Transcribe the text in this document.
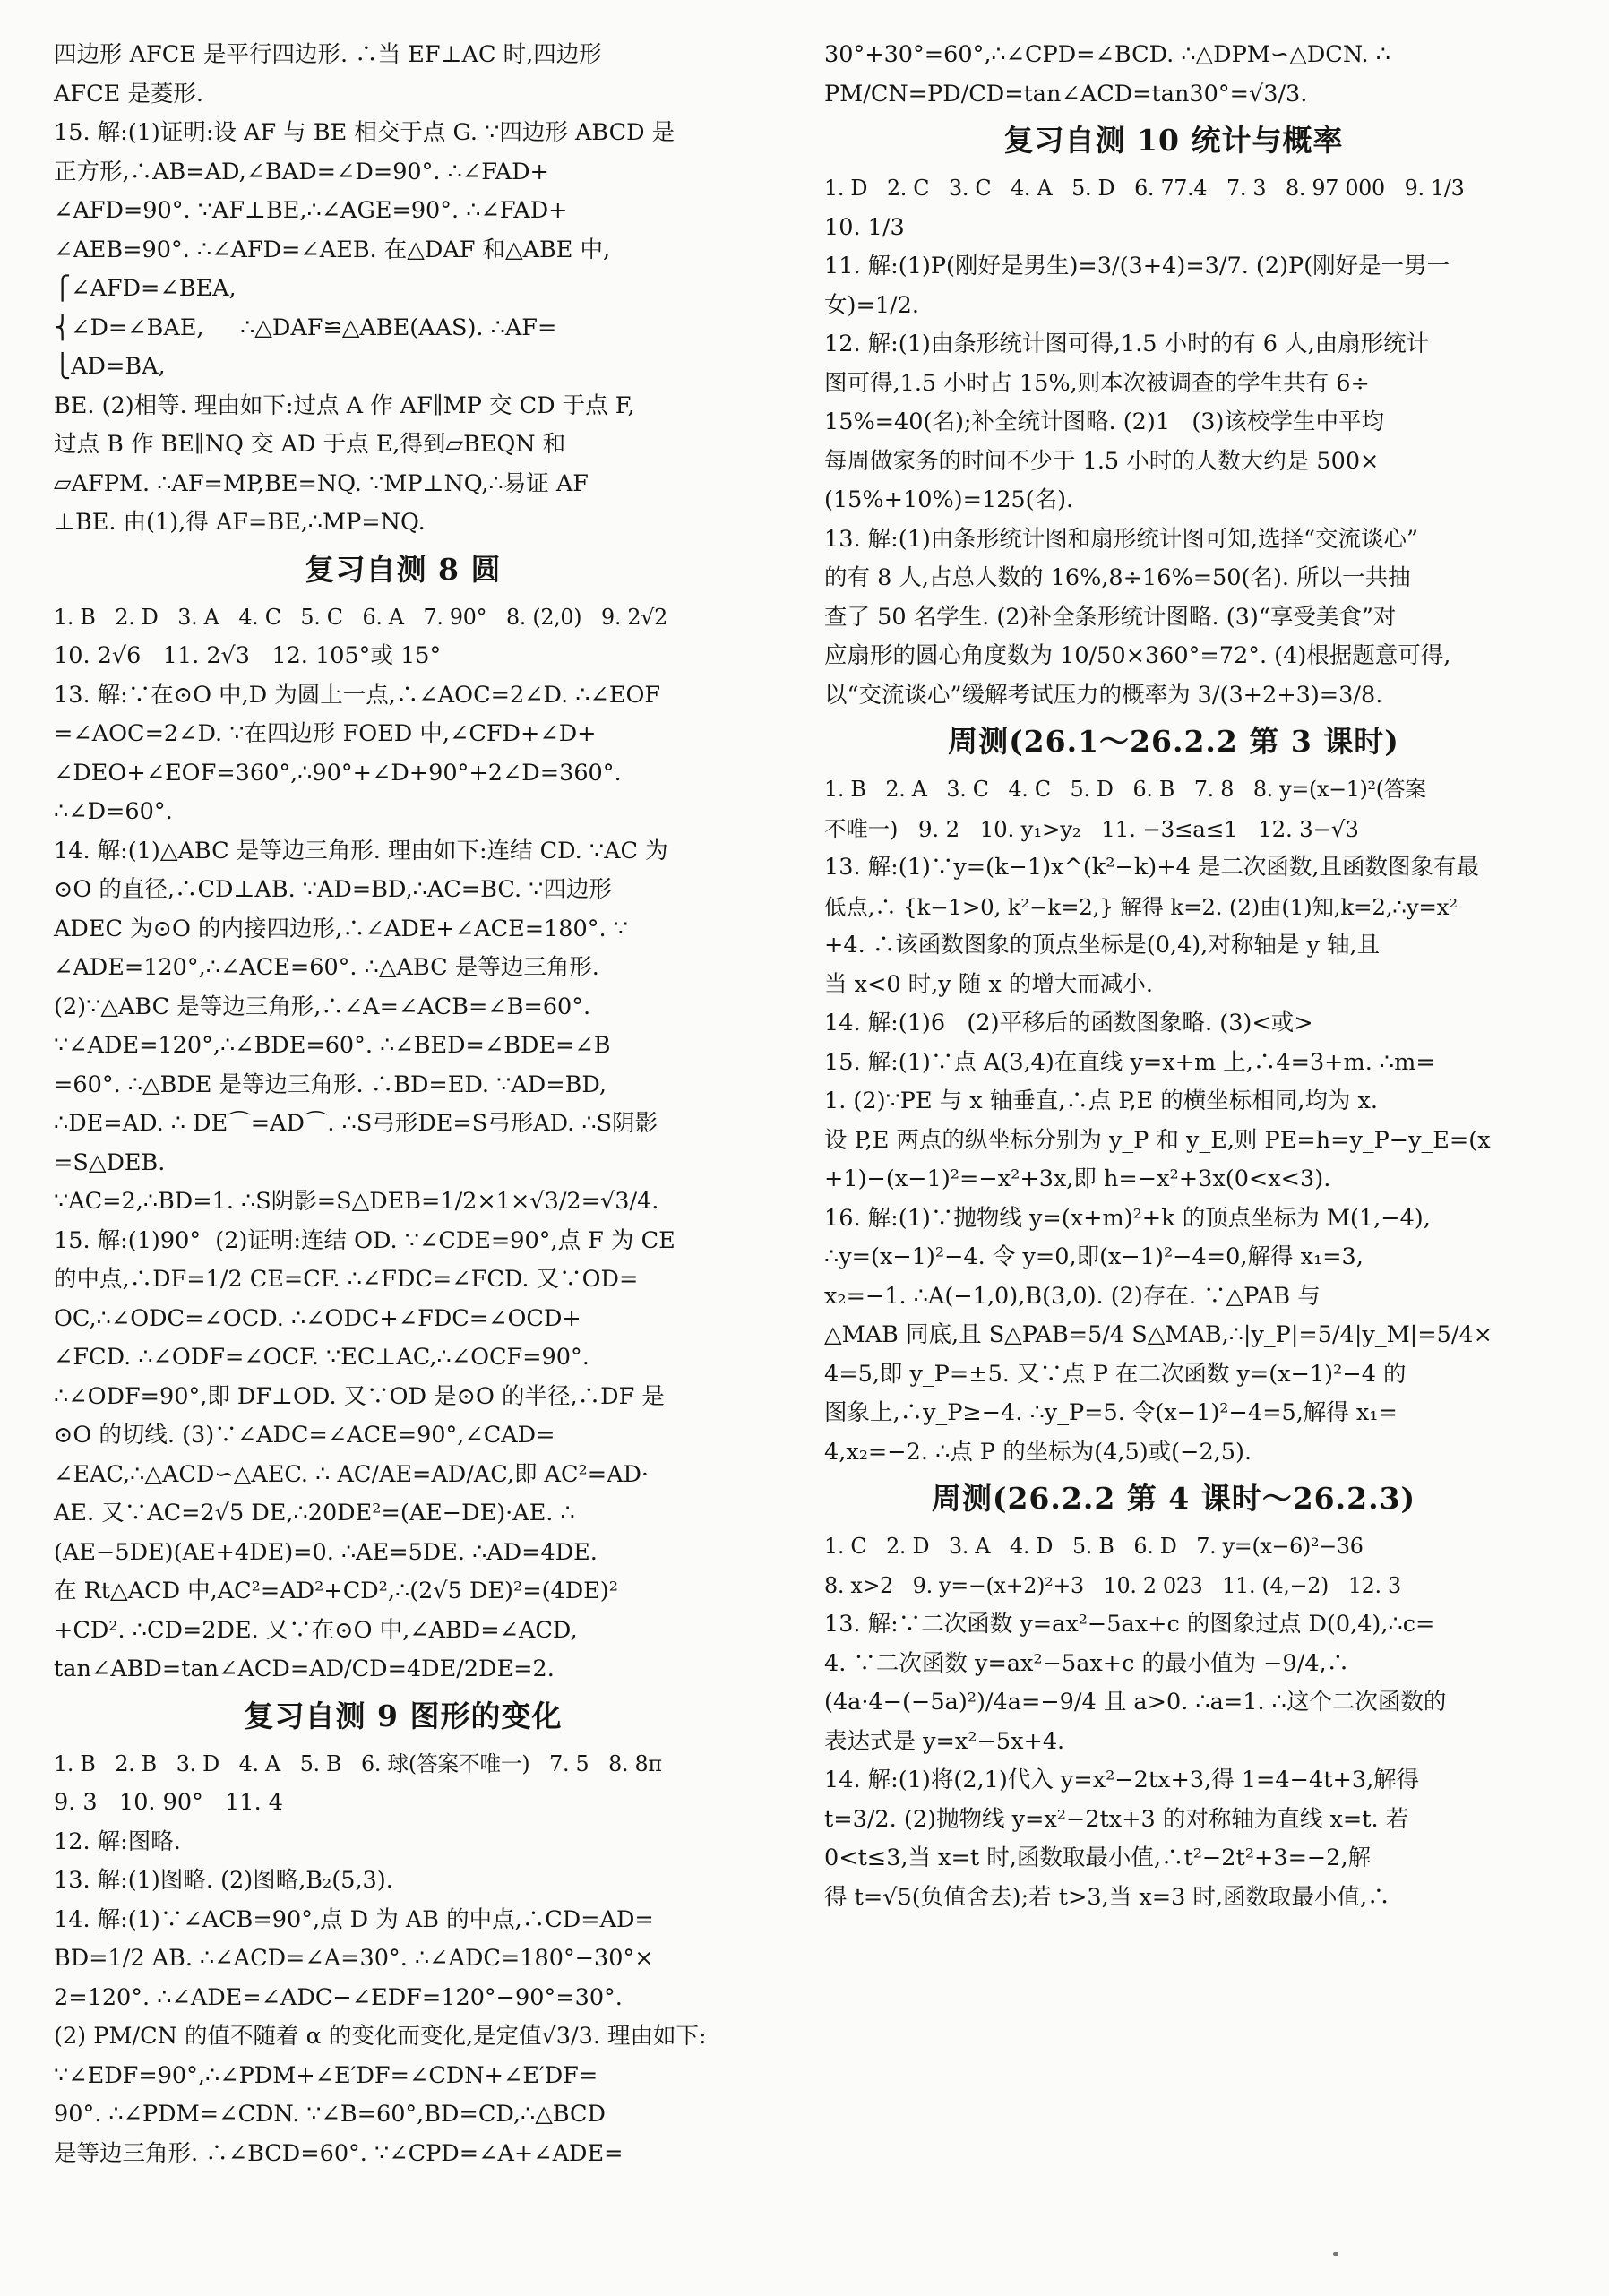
四边形 AFCE 是平行四边形. ∴当 EF⊥AC 时,四边形
AFCE 是菱形.
15. 解:(1)证明:设 AF 与 BE 相交于点 G. ∵四边形 ABCD 是
正方形,∴AB=AD,∠BAD=∠D=90°. ∴∠FAD+
∠AFD=90°. ∵AF⊥BE,∴∠AGE=90°. ∴∠FAD+
∠AEB=90°. ∴∠AFD=∠AEB. 在△DAF 和△ABE 中,
⎧∠AFD=∠BEA,
⎨∠D=∠BAE,     ∴△DAF≌△ABE(AAS). ∴AF=
⎩AD=BA,
BE. (2)相等. 理由如下:过点 A 作 AF∥MP 交 CD 于点 F,
过点 B 作 BE∥NQ 交 AD 于点 E,得到▱BEQN 和
▱AFPM. ∴AF=MP,BE=NQ. ∵MP⊥NQ,∴易证 AF
⊥BE. 由(1),得 AF=BE,∴MP=NQ.
复习自测 8 圆
1. B   2. D   3. A   4. C   5. C   6. A   7. 90°   8. (2,0)   9. 2√2
10. 2√6   11. 2√3   12. 105°或 15°
13. 解:∵在⊙O 中,D 为圆上一点,∴∠AOC=2∠D. ∴∠EOF
=∠AOC=2∠D. ∵在四边形 FOED 中,∠CFD+∠D+
∠DEO+∠EOF=360°,∴90°+∠D+90°+2∠D=360°.
∴∠D=60°.
14. 解:(1)△ABC 是等边三角形. 理由如下:连结 CD. ∵AC 为
⊙O 的直径,∴CD⊥AB. ∵AD=BD,∴AC=BC. ∵四边形
ADEC 为⊙O 的内接四边形,∴∠ADE+∠ACE=180°. ∵
∠ADE=120°,∴∠ACE=60°. ∴△ABC 是等边三角形.
(2)∵△ABC 是等边三角形,∴∠A=∠ACB=∠B=60°.
∵∠ADE=120°,∴∠BDE=60°. ∴∠BED=∠BDE=∠B
=60°. ∴△BDE 是等边三角形. ∴BD=ED. ∵AD=BD,
∴DE=AD. ∴ DE⌒=AD⌒. ∴S弓形DE=S弓形AD. ∴S阴影=S△DEB.
∵AC=2,∴BD=1. ∴S阴影=S△DEB=1/2×1×√3/2=√3/4.
15. 解:(1)90°  (2)证明:连结 OD. ∵∠CDE=90°,点 F 为 CE
的中点,∴DF=1/2 CE=CF. ∴∠FDC=∠FCD. 又∵OD=
OC,∴∠ODC=∠OCD. ∴∠ODC+∠FDC=∠OCD+
∠FCD. ∴∠ODF=∠OCF. ∵EC⊥AC,∴∠OCF=90°.
∴∠ODF=90°,即 DF⊥OD. 又∵OD 是⊙O 的半径,∴DF 是
⊙O 的切线. (3)∵∠ADC=∠ACE=90°,∠CAD=
∠EAC,∴△ACD∽△AEC. ∴ AC/AE=AD/AC,即 AC²=AD·
AE. 又∵AC=2√5 DE,∴20DE²=(AE−DE)·AE. ∴
(AE−5DE)(AE+4DE)=0. ∴AE=5DE. ∴AD=4DE.
在 Rt△ACD 中,AC²=AD²+CD²,∴(2√5 DE)²=(4DE)²
+CD². ∴CD=2DE. 又∵在⊙O 中,∠ABD=∠ACD,
tan∠ABD=tan∠ACD=AD/CD=4DE/2DE=2.
复习自测 9 图形的变化
1. B   2. B   3. D   4. A   5. B   6. 球(答案不唯一)   7. 5   8. 8π
9. 3   10. 90°   11. 4
12. 解:图略.
13. 解:(1)图略. (2)图略,B₂(5,3).
14. 解:(1)∵∠ACB=90°,点 D 为 AB 的中点,∴CD=AD=
BD=1/2 AB. ∴∠ACD=∠A=30°. ∴∠ADC=180°−30°×
2=120°. ∴∠ADE=∠ADC−∠EDF=120°−90°=30°.
(2) PM/CN 的值不随着 α 的变化而变化,是定值√3/3. 理由如下:
∵∠EDF=90°,∴∠PDM+∠E′DF=∠CDN+∠E′DF=
90°. ∴∠PDM=∠CDN. ∵∠B=60°,BD=CD,∴△BCD
是等边三角形. ∴∠BCD=60°. ∵∠CPD=∠A+∠ADE=
30°+30°=60°,∴∠CPD=∠BCD. ∴△DPM∽△DCN. ∴
PM/CN=PD/CD=tan∠ACD=tan30°=√3/3.
复习自测 10 统计与概率
1. D   2. C   3. C   4. A   5. D   6. 77.4   7. 3   8. 97 000   9. 1/3
10. 1/3
11. 解:(1)P(刚好是男生)=3/(3+4)=3/7. (2)P(刚好是一男一
女)=1/2.
12. 解:(1)由条形统计图可得,1.5 小时的有 6 人,由扇形统计
图可得,1.5 小时占 15%,则本次被调查的学生共有 6÷
15%=40(名);补全统计图略. (2)1   (3)该校学生中平均
每周做家务的时间不少于 1.5 小时的人数大约是 500×
(15%+10%)=125(名).
13. 解:(1)由条形统计图和扇形统计图可知,选择“交流谈心”
的有 8 人,占总人数的 16%,8÷16%=50(名). 所以一共抽
查了 50 名学生. (2)补全条形统计图略. (3)“享受美食”对
应扇形的圆心角度数为 10/50×360°=72°. (4)根据题意可得,
以“交流谈心”缓解考试压力的概率为 3/(3+2+3)=3/8.
周测(26.1～26.2.2 第 3 课时)
1. B   2. A   3. C   4. C   5. D   6. B   7. 8   8. y=(x−1)²(答案
不唯一)   9. 2   10. y₁>y₂   11. −3≤a≤1   12. 3−√3
13. 解:(1)∵y=(k−1)x^(k²−k)+4 是二次函数,且函数图象有最
低点,∴ {k−1>0, k²−k=2,} 解得 k=2. (2)由(1)知,k=2,∴y=x²
+4. ∴该函数图象的顶点坐标是(0,4),对称轴是 y 轴,且
当 x<0 时,y 随 x 的增大而减小.
14. 解:(1)6   (2)平移后的函数图象略. (3)<或>
15. 解:(1)∵点 A(3,4)在直线 y=x+m 上,∴4=3+m. ∴m=
1. (2)∵PE 与 x 轴垂直,∴点 P,E 的横坐标相同,均为 x.
设 P,E 两点的纵坐标分别为 y_P 和 y_E,则 PE=h=y_P−y_E=(x
+1)−(x−1)²=−x²+3x,即 h=−x²+3x(0<x<3).
16. 解:(1)∵抛物线 y=(x+m)²+k 的顶点坐标为 M(1,−4),
∴y=(x−1)²−4. 令 y=0,即(x−1)²−4=0,解得 x₁=3,
x₂=−1. ∴A(−1,0),B(3,0). (2)存在. ∵△PAB 与
△MAB 同底,且 S△PAB=5/4 S△MAB,∴|y_P|=5/4|y_M|=5/4×
4=5,即 y_P=±5. 又∵点 P 在二次函数 y=(x−1)²−4 的
图象上,∴y_P≥−4. ∴y_P=5. 令(x−1)²−4=5,解得 x₁=
4,x₂=−2. ∴点 P 的坐标为(4,5)或(−2,5).
周测(26.2.2 第 4 课时～26.2.3)
1. C   2. D   3. A   4. D   5. B   6. D   7. y=(x−6)²−36
8. x>2   9. y=−(x+2)²+3   10. 2 023   11. (4,−2)   12. 3
13. 解:∵二次函数 y=ax²−5ax+c 的图象过点 D(0,4),∴c=
4. ∵二次函数 y=ax²−5ax+c 的最小值为 −9/4,∴
(4a·4−(−5a)²)/4a=−9/4 且 a>0. ∴a=1. ∴这个二次函数的
表达式是 y=x²−5x+4.
14. 解:(1)将(2,1)代入 y=x²−2tx+3,得 1=4−4t+3,解得
t=3/2. (2)抛物线 y=x²−2tx+3 的对称轴为直线 x=t. 若
0<t≤3,当 x=t 时,函数取最小值,∴t²−2t²+3=−2,解
得 t=√5(负值舍去);若 t>3,当 x=3 时,函数取最小值,∴
